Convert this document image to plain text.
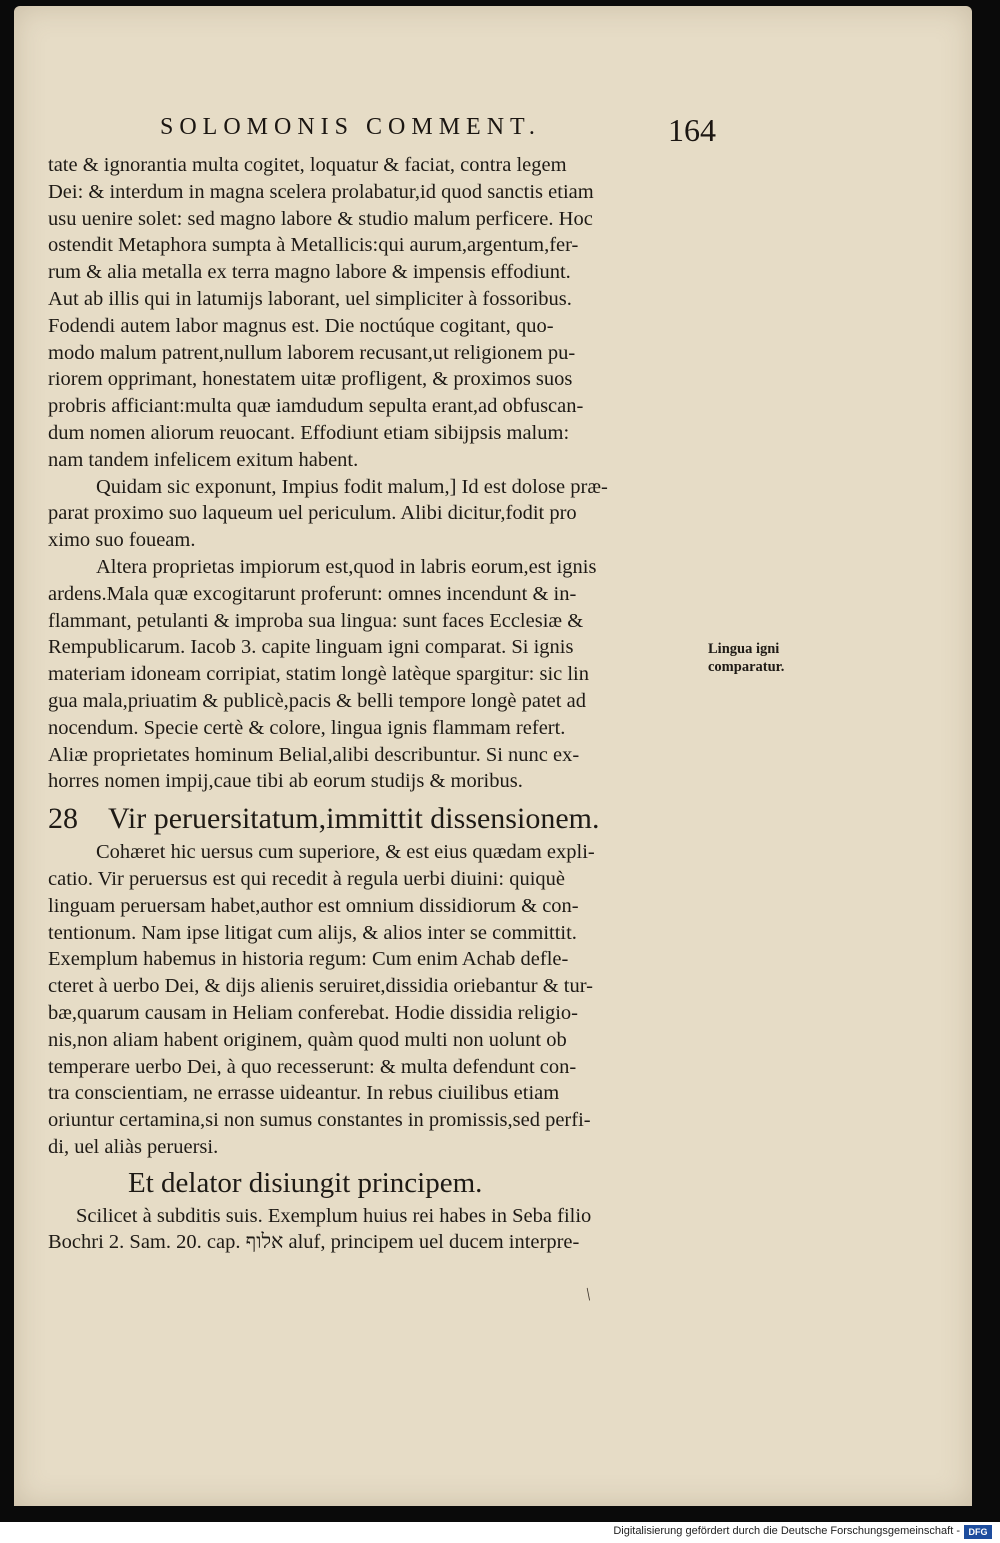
SOLOMONIS COMMENT.	164
tate & ignorantia multa cogitet, loquatur & faciat, contra legem
Dei: & interdum in magna scelera prolabatur,id quod sanctis etiam
usu uenire solet: sed magno labore & studio malum perficere. Hoc
ostendit Metaphora sumpta à Metallicis:qui aurum,argentum,fer-
rum & alia metalla ex terra magno labore & impensis effodiunt.
Aut ab illis qui in latumijs laborant, uel simpliciter à fossoribus.
Fodendi autem labor magnus est. Die noctúque cogitant, quo-
modo malum patrent,nullum laborem recusant,ut religionem pu-
riorem opprimant, honestatem uitæ profligent, & proximos suos
probris afficiant:multa quæ iamdudum sepulta erant,ad obfuscan-
dum nomen aliorum reuocant. Effodiunt etiam sibijpsis malum:
nam tandem infelicem exitum habent.
Quidam sic exponunt, Impius fodit malum,] Id est dolose præ-
parat proximo suo laqueum uel periculum. Alibi dicitur,fodit pro
ximo suo foueam.
Altera proprietas impiorum est,quod in labris eorum,est ignis
ardens.Mala quæ excogitarunt proferunt: omnes incendunt & in-
flammant, petulanti & improba sua lingua: sunt faces Ecclesiæ &
Rempublicarum. Iacob 3. capite linguam igni comparat. Si ignis
materiam idoneam corripiat, statim longè latèque spargitur: sic lin
gua mala,priuatim & publicè,pacis & belli tempore longè patet ad
nocendum. Specie certè & colore, lingua ignis flammam refert.
Aliæ proprietates hominum Belial,alibi describuntur. Si nunc ex-
horres nomen impij,caue tibi ab eorum studijs & moribus.
28 Vir peruersitatum,immittit dissensionem.
Cohæret hic uersus cum superiore, & est eius quædam expli-
catio. Vir peruersus est qui recedit à regula uerbi diuini: quiquè
linguam peruersam habet,author est omnium dissidiorum & con-
tentionum. Nam ipse litigat cum alijs, & alios inter se committit.
Exemplum habemus in historia regum: Cum enim Achab defle-
cteret à uerbo Dei, & dijs alienis seruiret,dissidia oriebantur & tur-
bæ,quarum causam in Heliam conferebat. Hodie dissidia religio-
nis,non aliam habent originem, quàm quod multi non uolunt ob
temperare uerbo Dei, à quo recesserunt: & multa defendunt con-
tra conscientiam, ne errasse uideantur. In rebus ciuilibus etiam
oriuntur certamina,si non sumus constantes in promissis,sed perfi-
di, uel aliàs peruersi.
Et delator disiungit principem.
Scilicet à subditis suis. Exemplum huius rei habes in Seba filio
Bochri 2. Sam. 20. cap. אלוף aluf, principem uel ducem interpre-
Lingua igni
comparatur.
/
Digitalisierung gefördert durch die Deutsche Forschungsgemeinschaft - DFG
